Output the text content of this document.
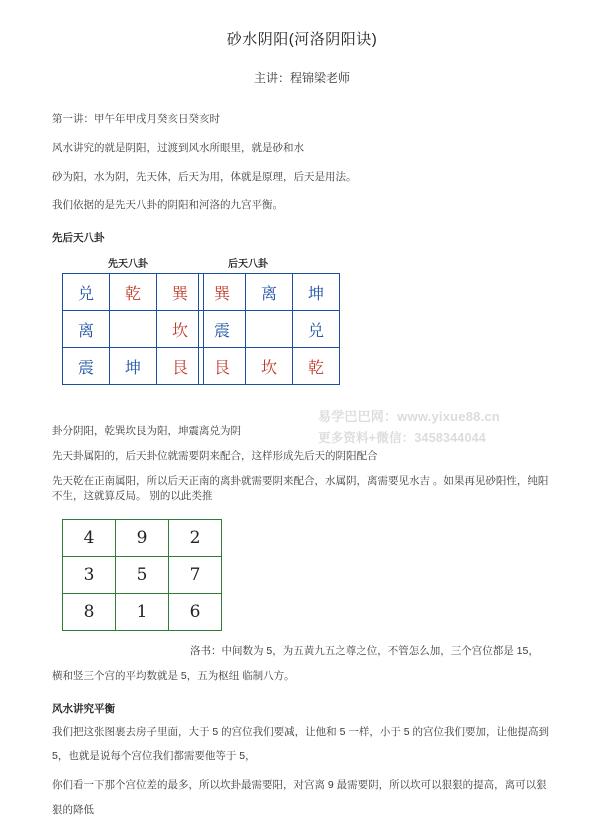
砂水阴阳(河洛阴阳诀)
主讲：程锦梁老师
第一讲：甲午年甲戌月癸亥日癸亥时
风水讲究的就是阴阳，过渡到风水所眼里，就是砂和水
砂为阳，水为阴，先天体，后天为用，体就是原理，后天是用法。
我们依据的是先天八卦的阴阳和河洛的九宫平衡。
先后天八卦
先天八卦	后天八卦
兑	乾	巽
离		坎
震	坤	艮
巽	离	坤
震		兑
艮	坎	乾
卦分阴阳，乾巽坎艮为阳，坤震离兑为阴
先天卦属阳的，后天卦位就需要阴来配合，这样形成先后天的阴阳配合
先天乾在正南属阳，所以后天正南的离卦就需要阴来配合，水属阴，离需要见水吉 。如果再见砂阳性，纯阳
不生，这就算反局。 别的以此类推
4	9	2
3	5	7
8	1	6
洛书：中间数为 5，为五黄九五之尊之位，不管怎么加，三个宫位都是 15，
横和竖三个宫的平均数就是 5，五为枢纽 临制八方。
风水讲究平衡
我们把这张图裹去房子里面，大于 5 的宫位我们要减，让他和 5 一样，小于 5 的宫位我们要加，让他提高到
5，也就是说每个宫位我们都需要他等于 5，
你们看一下那个宫位差的最多，所以坎卦最需要阳，对宫离 9 最需要阴，所以坎可以狠狠的提高，离可以狠
狠的降低
易学巴巴网：www.yixue88.cn
更多资料+微信：3458344044
